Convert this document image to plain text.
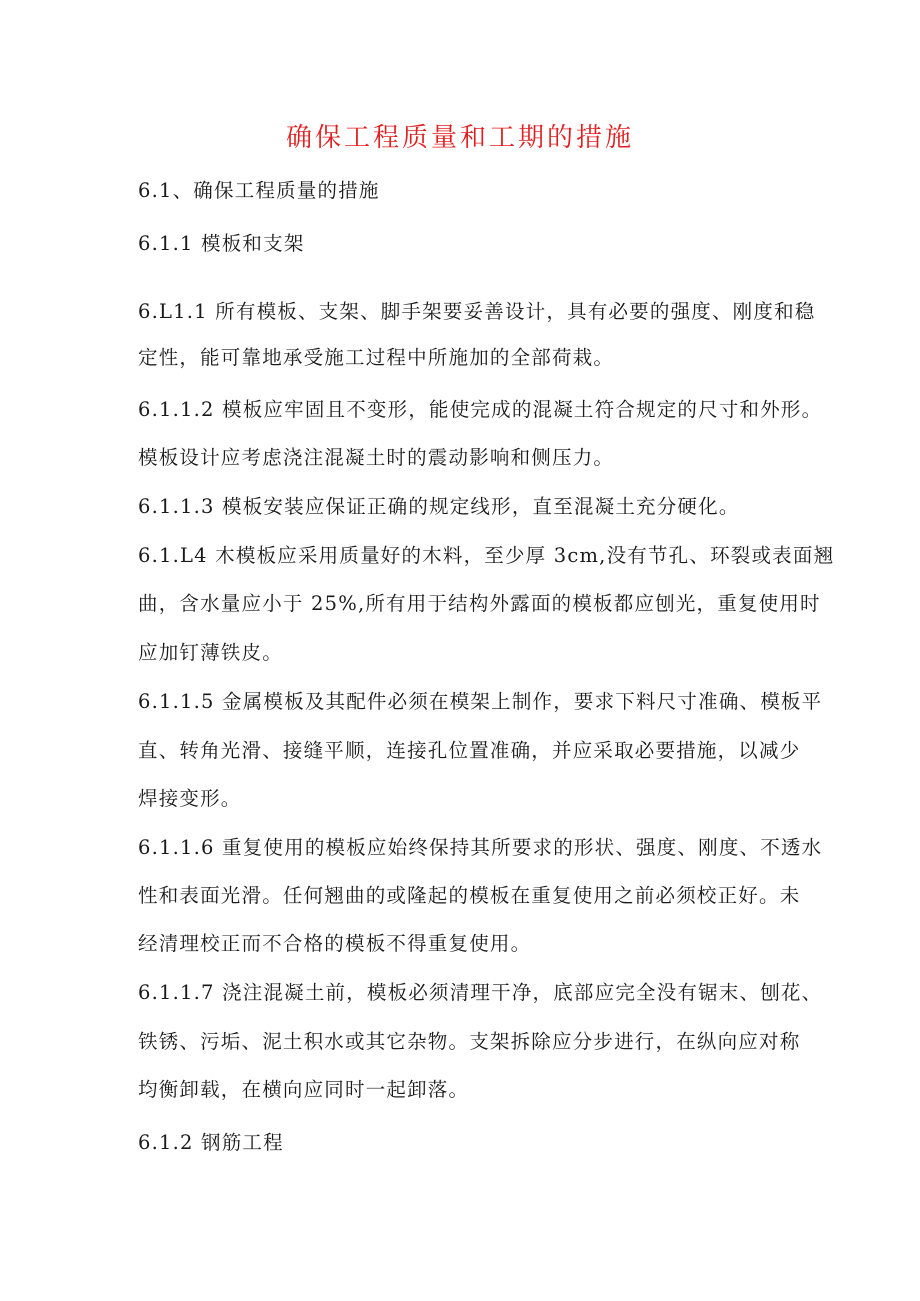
确保工程质量和工期的措施
6.1、确保工程质量的措施
6.1.1 模板和支架
6.L1.1 所有模板、支架、脚手架要妥善设计，具有必要的强度、刚度和稳
定性，能可靠地承受施工过程中所施加的全部荷栽。
6.1.1.2 模板应牢固且不变形，能使完成的混凝土符合规定的尺寸和外形。
模板设计应考虑浇注混凝土时的震动影响和侧压力。
6.1.1.3 模板安装应保证正确的规定线形，直至混凝土充分硬化。
6.1.L4 木模板应采用质量好的木料，至少厚 3cm,没有节孔、环裂或表面翘
曲，含水量应小于 25%,所有用于结构外露面的模板都应刨光，重复使用时
应加钉薄铁皮。
6.1.1.5 金属模板及其配件必须在模架上制作，要求下料尺寸准确、模板平
直、转角光滑、接缝平顺，连接孔位置准确，并应采取必要措施，以减少
焊接变形。
6.1.1.6 重复使用的模板应始终保持其所要求的形状、强度、刚度、不透水
性和表面光滑。任何翘曲的或隆起的模板在重复使用之前必须校正好。未
经清理校正而不合格的模板不得重复使用。
6.1.1.7 浇注混凝土前，模板必须清理干净，底部应完全没有锯末、刨花、
铁锈、污垢、泥土积水或其它杂物。支架拆除应分步进行，在纵向应对称
均衡卸载，在横向应同时一起卸落。
6.1.2 钢筋工程
